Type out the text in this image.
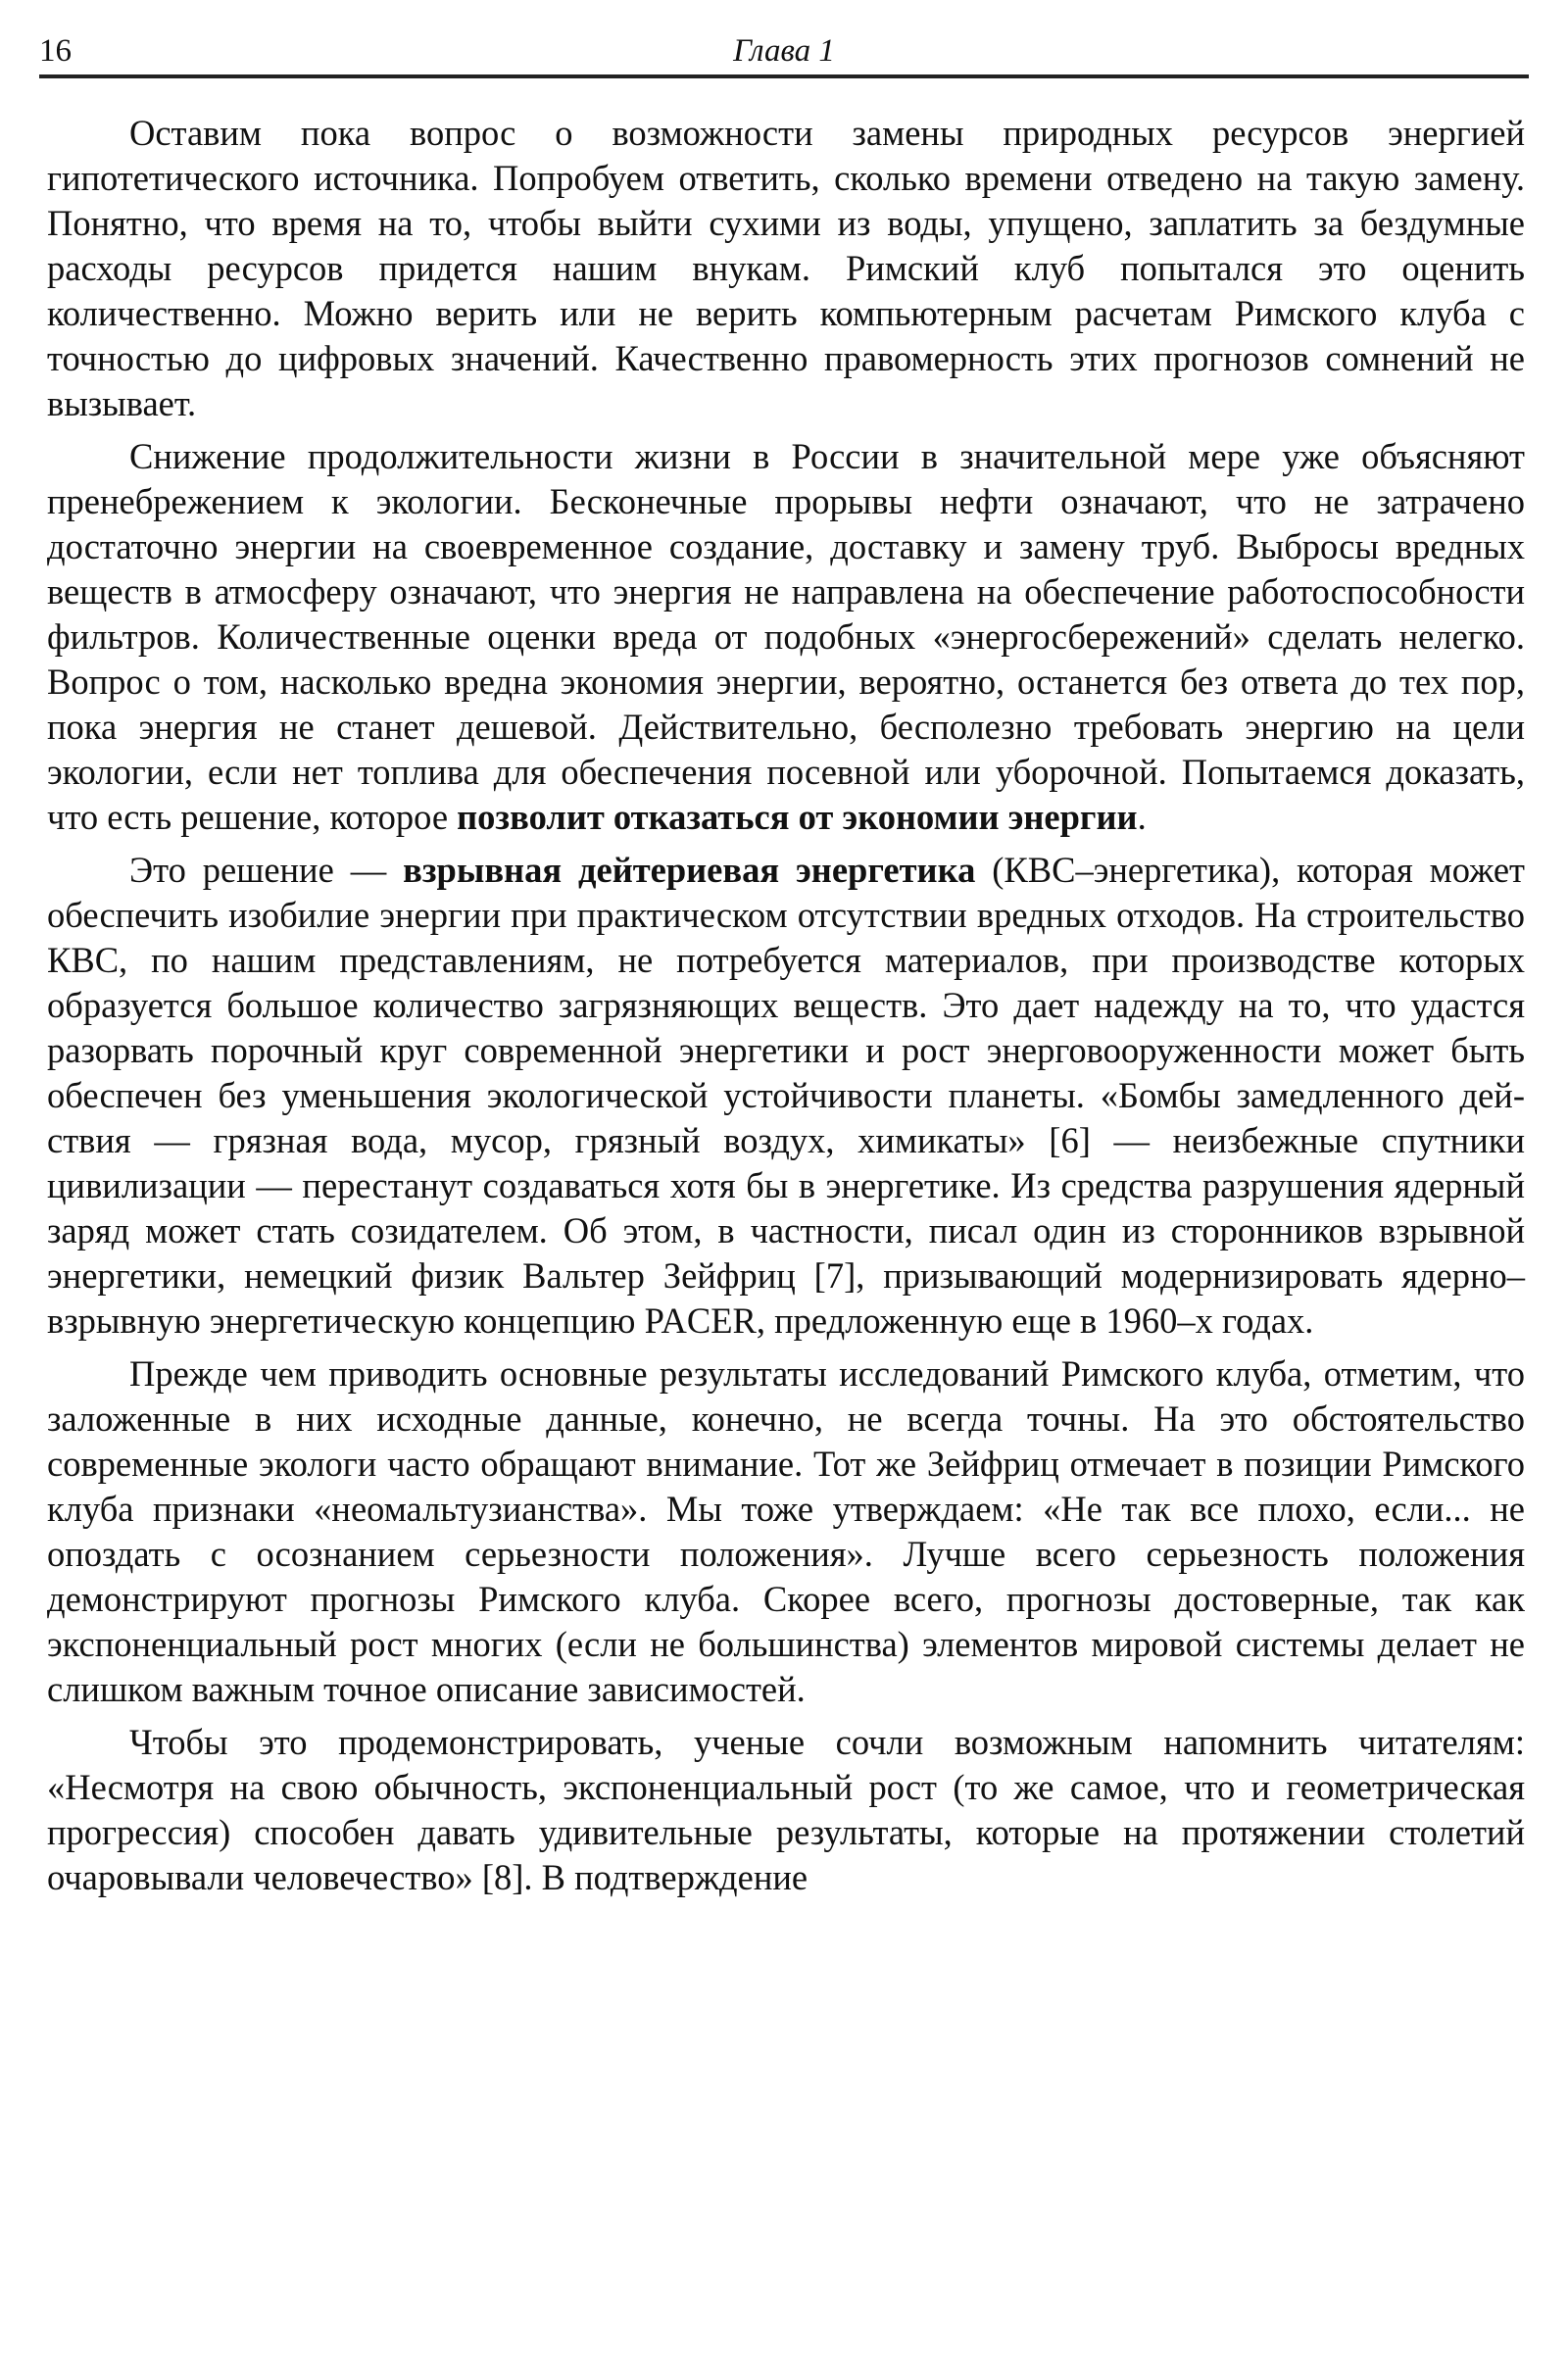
16	Глава 1

Оставим пока вопрос о возможности замены природных ресурсов энергией гипотетического источника. Попробуем ответить, сколько времени отведено на такую замену. Понятно, что время на то, чтобы выйти сухими из воды, упущено, заплатить за бездумные расходы ресурсов придется нашим внукам. Римский клуб попытался это оценить количественно. Можно верить или не верить компьютерным расчетам Римского клуба с точностью до цифровых значений. Качественно правомерность этих прогнозов сомнений не вызывает.

Снижение продолжительности жизни в России в значительной мере уже объясняют пренебрежением к экологии. Бесконечные прорывы нефти означают, что не затрачено достаточно энергии на своевременное создание, доставку и замену труб. Выбросы вредных веществ в атмосферу означают, что энергия не направлена на обеспечение работоспособности фильтров. Количественные оценки вреда от подобных «энергосбережений» сделать нелегко. Вопрос о том, насколько вредна экономия энергии, вероятно, останется без ответа до тех пор, пока энергия не станет дешевой. Действительно, бесполезно требовать энергию на цели экологии, если нет топлива для обеспечения посевной или уборочной. Попытаемся доказать, что есть решение, которое позволит отказаться от экономии энергии.

Это решение — взрывная дейтериевая энергетика (КВС–энергетика), которая может обеспечить изобилие энергии при практическом отсутствии вредных отходов. На строительство КВС, по нашим представлениям, не потребуется материалов, при производстве которых образуется большое количество загрязняющих веществ. Это дает надежду на то, что удастся разорвать порочный круг современной энергетики и рост энерговооруженности может быть обеспечен без уменьшения экологической устойчивости планеты. «Бомбы замедленного действия — грязная вода, мусор, грязный воздух, химикаты» [6] — неизбежные спутники цивилизации — перестанут создаваться хотя бы в энергетике. Из средства разрушения ядерный заряд может стать созидателем. Об этом, в частности, писал один из сторонников взрывной энергетики, немецкий физик Вальтер Зейфриц [7], призывающий модернизировать ядерно–взрывную энергетическую концепцию PACER, предложенную еще в 1960–х годах.

Прежде чем приводить основные результаты исследований Римского клуба, отметим, что заложенные в них исходные данные, конечно, не всегда точны. На это обстоятельство современные экологи часто обращают внимание. Тот же Зейфриц отмечает в позиции Римского клуба признаки «неомальтузианства». Мы тоже утверждаем: «Не так все плохо, если... не опоздать с осознанием серьезности положения». Лучше всего серьезность положения демонстрируют прогнозы Римского клуба. Скорее всего, прогнозы достоверные, так как экспоненциальный рост многих (если не большинства) элементов мировой системы делает не слишком важным точное описание зависимостей.

Чтобы это продемонстрировать, ученые сочли возможным напомнить читателям: «Несмотря на свою обычность, экспоненциальный рост (то же самое, что и геометрическая прогрессия) способен давать удивительные результаты, которые на протяжении столетий очаровывали человечество» [8]. В подтверждение
